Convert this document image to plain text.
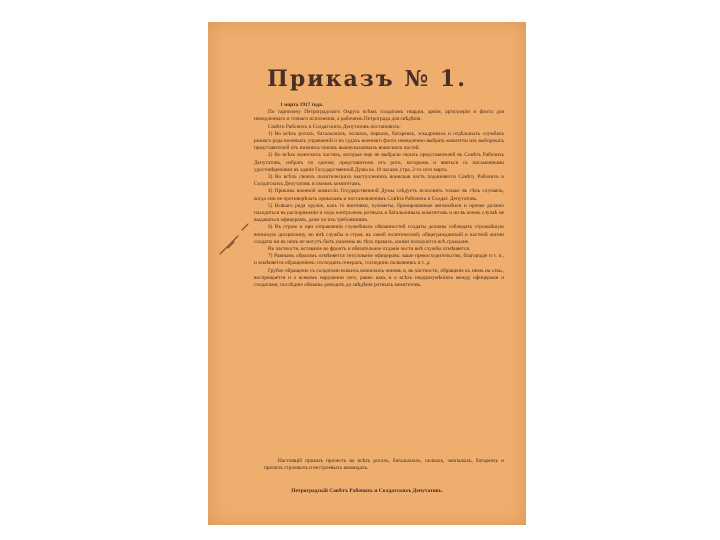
Приказъ № 1.

1 марта 1917 года.

По гарнизону Петроградского Округа всѣмъ солдатамъ гвардіи, арміи, артиллеріи и флота для немедленнаго и точнаго исполненія, а рабочимъ Петрограда для свѣдѣнія.

Совѣтъ Рабочихъ и Солдатскихъ Депутатовъ постановилъ:

1) Во всѣхъ ротахъ, батальонахъ, полкахъ, паркахъ, батареяхъ, эскадронахъ и отдѣльныхъ службахъ разнаго рода военныхъ управленій и на судахъ военнаго флота немедленно выбрать комитеты изъ выборныхъ представителей отъ нижнихъ чиновъ вышеуказанныхъ воинскихъ частей.

2) Во всѣхъ воинскихъ частяхъ, которыя еще не выбрали своихъ представителей въ Совѣтъ Рабочихъ Депутатовъ, избрать по одному представителю отъ ротъ, которымъ и явиться съ письменными удостовѣреніями въ зданіе Государственной Думы къ 10 часамъ утра, 2-го сего марта.

3) Во всѣхъ своихъ политическихъ выступленіяхъ воинская часть подчиняется Совѣту Рабочихъ и Солдатскихъ Депутатовъ и своимъ комитетамъ.

4) Приказы военной комиссіи Государственной Думы слѣдуетъ исполнять только въ тѣхъ случаяхъ, когда они не противорѣчатъ приказамъ и постановленіямъ Совѣта Рабочихъ и Солдат. Депутатовъ.

5) Всякаго рода оружіе, какъ то винтовки, пулеметы, бронированные автомобили и прочее должно находиться въ распоряженіи и подъ контролемъ ротныхъ и батальонныхъ комитетовъ и ни въ коемъ случаѣ не выдаваться офицерамъ, даже по ихъ требованіямъ.

6) Въ строю и при отправленіи служебныхъ обязанностей солдаты должны соблюдать строжайшую воинскую дисциплину, но внѣ службы и строя, въ своей политической, общегражданской и частной жизни солдаты ни въ чемъ не могутъ быть умалены въ тѣхъ правахъ, коими пользуются всѣ граждане.

Въ частности, вставаніе во фронтъ и обязательное отданіе чести внѣ службы отмѣняется.

7) Равнымъ образомъ отмѣняется титулованіе офицеровъ: ваше превосходительство, благородіе и т. п., и замѣняется обращеніемъ: господинъ генералъ, господинъ полковникъ и т. д.

Грубое обращеніе съ солдатами всякихъ воинскихъ чиновъ и, въ частности, обращеніе къ нимъ на «ты», воспрещается и о всякомъ нарушеніи сего, равно какъ и о всѣхъ недоразумѣніяхъ между офицерами и солдатами, послѣдніе обязаны доводить до свѣдѣнія ротныхъ комитетовъ.

Настоящій приказъ прочесть во всѣхъ ротахъ, батальонахъ, полкахъ, экипажахъ, батареяхъ и прочихъ строевыхъ и нестроевыхъ командахъ.

Петроградскій Совѣтъ Рабочихъ и Солдатскихъ Депутатовъ.
